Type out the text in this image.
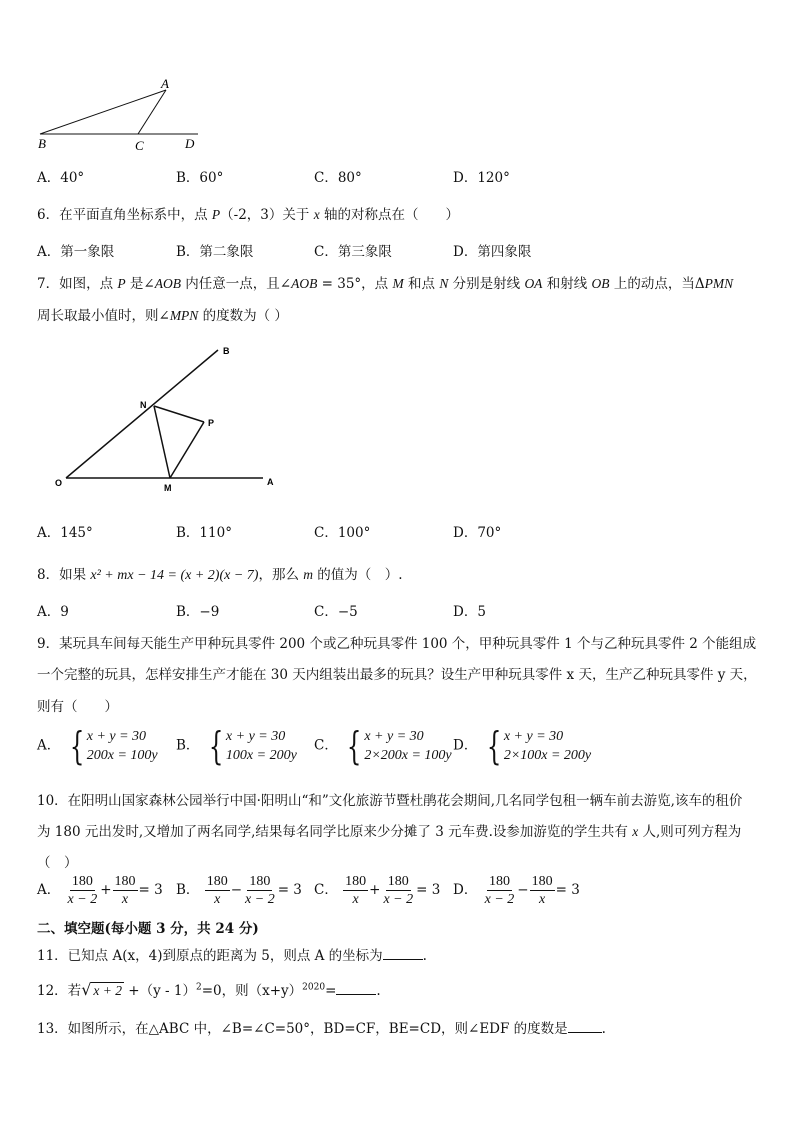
A
B	C	D
A．40°	B．60°	C．80°	D．120°
6．在平面直角坐标系中，点 P（-2，3）关于 x 轴的对称点在（　　）
A．第一象限	B．第二象限	C．第三象限	D．第四象限
7．如图，点 P 是∠AOB 内任意一点，且∠AOB = 35°，点 M 和点 N 分别是射线 OA 和射线 OB 上的动点，当ΔPMN
周长取最小值时，则∠MPN 的度数为（ ）
B
N
P
O	M
A
A．145°	B．110°	C．100°	D．70°
8．如果 x² + mx − 14 = (x + 2)(x − 7)，那么 m 的值为（　）.
A．9	B．−9	C．−5	D．5
9．某玩具车间每天能生产甲种玩具零件 200 个或乙种玩具零件 100 个，甲种玩具零件 1 个与乙种玩具零件 2 个能组成
一个完整的玩具，怎样安排生产才能在 30 天内组装出最多的玩具？设生产甲种玩具零件 x 天，生产乙种玩具零件 y 天，
则有（　　）
A． { x + y = 30
200x = 100y
B． { x + y = 30
100x = 200y
C． { x + y = 30
2×200x = 100y
D． { x + y = 30
2×100x = 200y
10．在阳明山国家森林公园举行中国·阳明山“和”文化旅游节暨杜鹃花会期间,几名同学包租一辆车前去游览,该车的租价
为 180 元出发时,又增加了两名同学,结果每名同学比原来少分摊了 3 元车费.设参加游览的学生共有 x 人,则可列方程为
（　）
A． $\frac{180}{x - 2} + \frac{180}{x} = 3$ B． $\frac{180}{x} - \frac{180}{x - 2} = 3$ C． $\frac{180}{x} + \frac{180}{x - 2} = 3$ D． $\frac{180}{x - 2} - \frac{180}{x} = 3$
二、填空题(每小题 3 分，共 24 分)
11．已知点 A(x，4)到原点的距离为 5，则点 A 的坐标为	.
12．若√ x + 2 +（y - 1）$^2$=0，则$(x+y)^{2020}=$	.
13．如图所示，在△ABC 中，∠B=∠C=50°，BD=CF，BE=CD，则∠EDF 的度数是	.
